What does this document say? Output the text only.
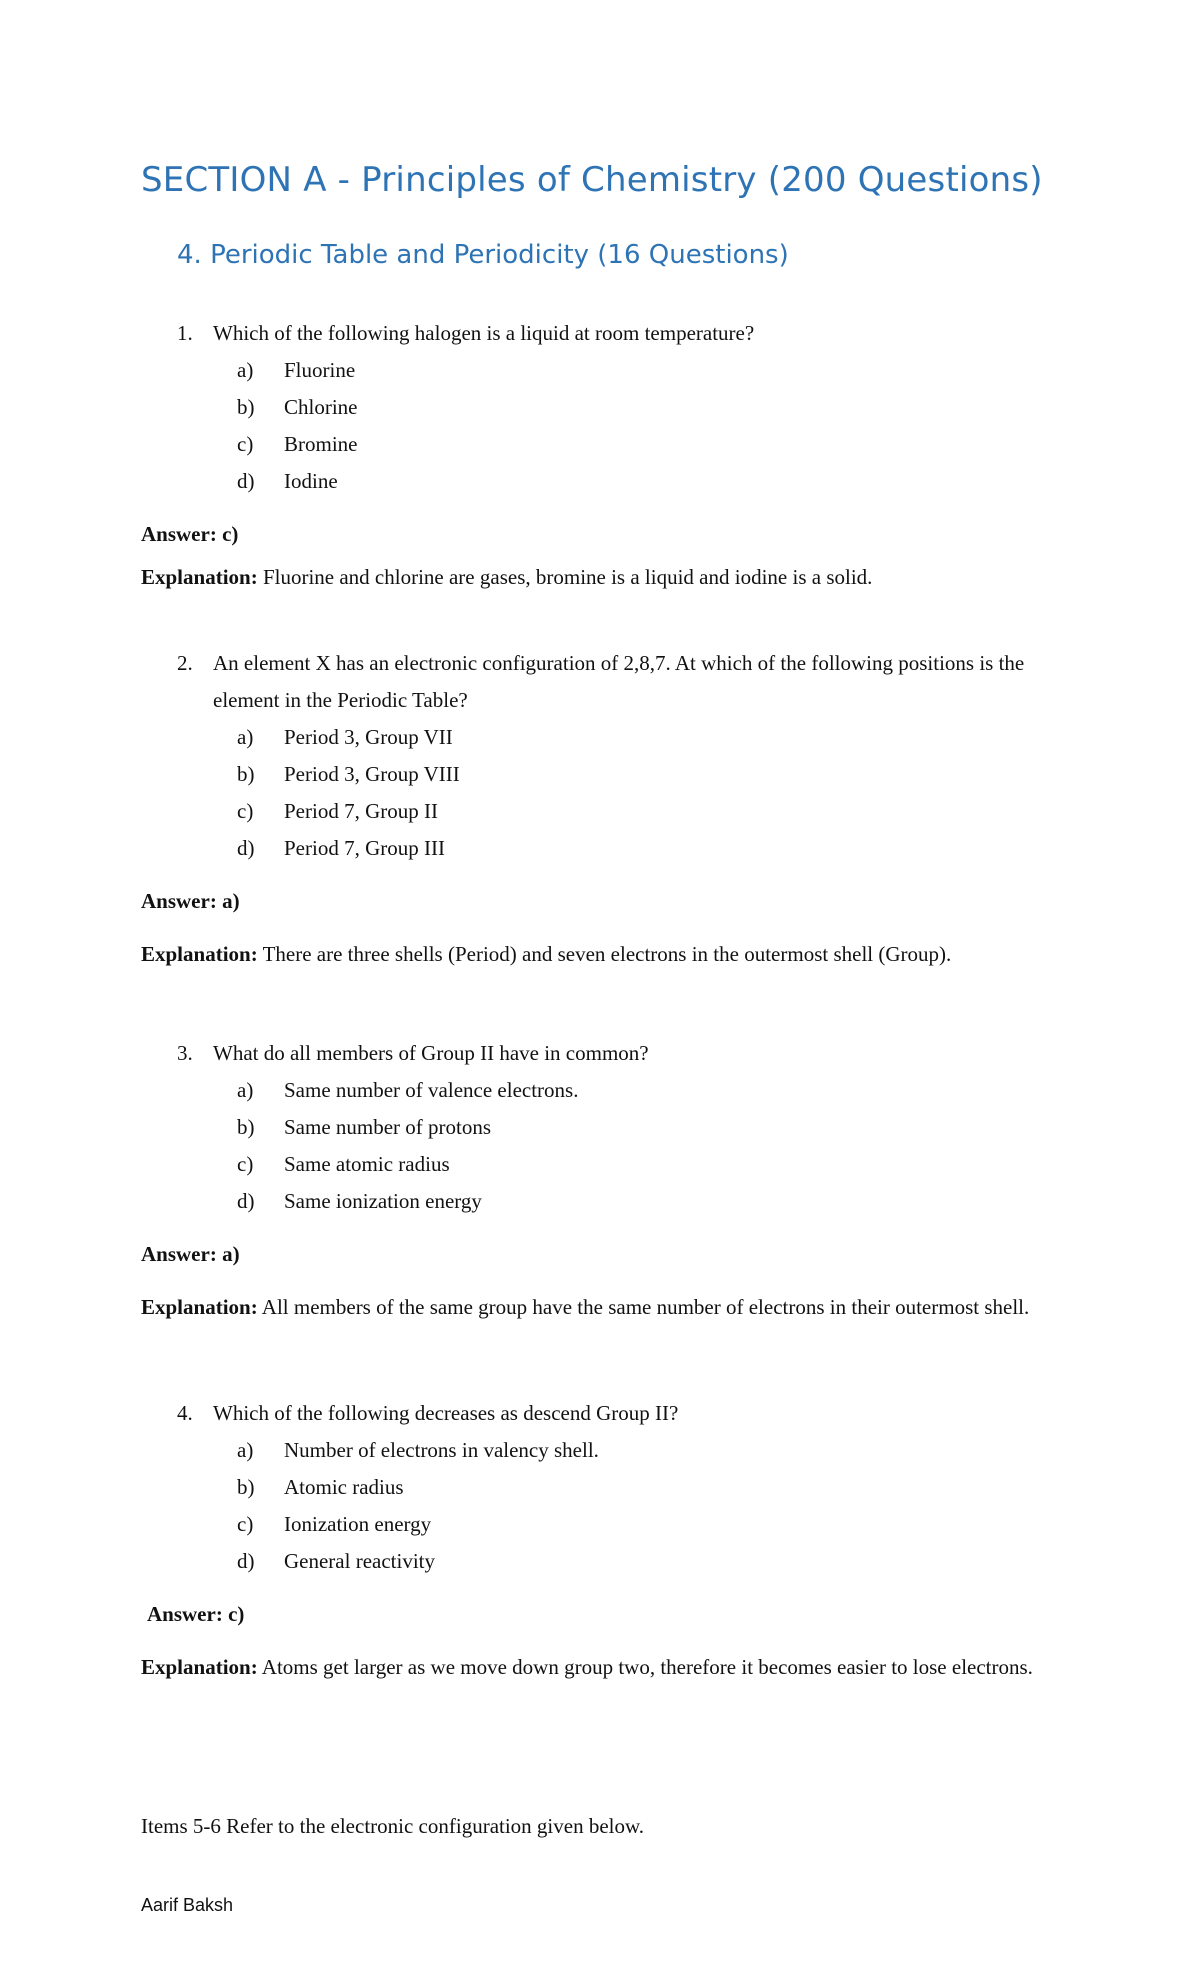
SECTION A - Principles of Chemistry (200 Questions)
4. Periodic Table and Periodicity (16 Questions)
1. Which of the following halogen is a liquid at room temperature?
a) Fluorine
b) Chlorine
c) Bromine
d) Iodine
Answer: c)
Explanation: Fluorine and chlorine are gases, bromine is a liquid and iodine is a solid.
2. An element X has an electronic configuration of 2,8,7. At which of the following positions is the
element in the Periodic Table?
a) Period 3, Group VII
b) Period 3, Group VIII
c) Period 7, Group II
d) Period 7, Group III
Answer: a)
Explanation: There are three shells (Period) and seven electrons in the outermost shell (Group).
3. What do all members of Group II have in common?
a) Same number of valence electrons.
b) Same number of protons
c) Same atomic radius
d) Same ionization energy
Answer: a)
Explanation: All members of the same group have the same number of electrons in their outermost shell.
4. Which of the following decreases as descend Group II?
a) Number of electrons in valency shell.
b) Atomic radius
c) Ionization energy
d) General reactivity
Answer: c)
Explanation: Atoms get larger as we move down group two, therefore it becomes easier to lose electrons.
Items 5-6 Refer to the electronic configuration given below.
Aarif Baksh
